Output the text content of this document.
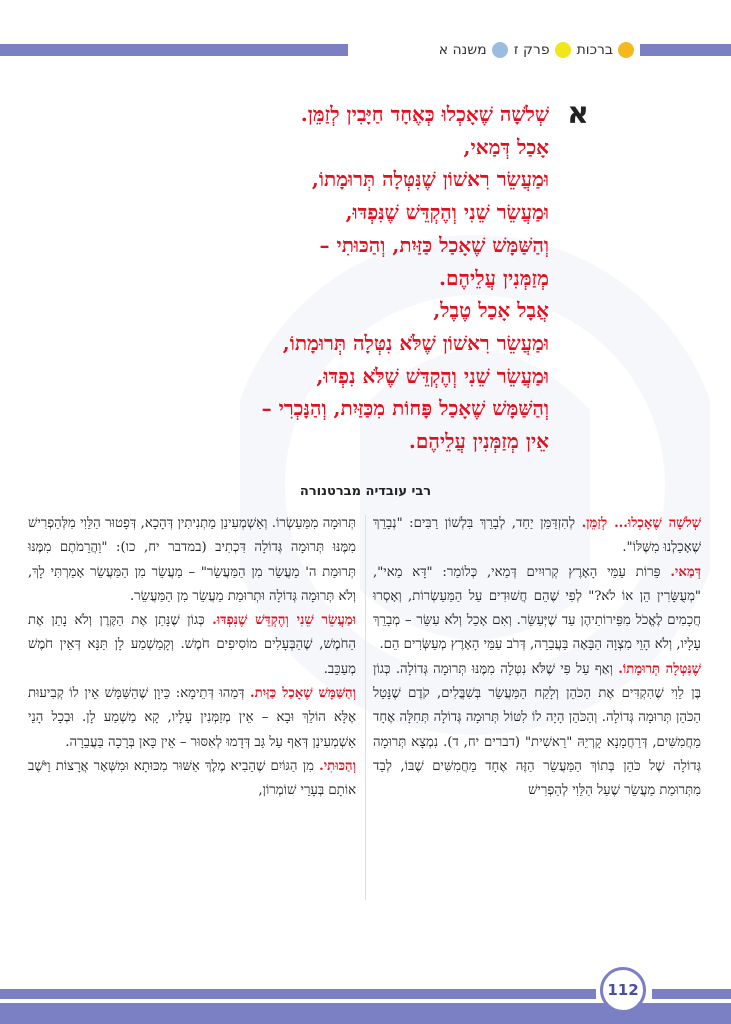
ברכות
פרק ז
משנה א
א
שְׁלֹשָׁה שֶׁאָכְלוּ כְּאֶחָד חַיָּבִין לְזַמֵּן.
אָכַל דְּמַאי,
וּמַעֲשֵׂר רִאשׁוֹן שֶׁנִּטְּלָה תְּרוּמָתוֹ,
וּמַעֲשֵׂר שֵׁנִי וְהֶקְדֵּשׁ שֶׁנִּפְדּוּ,
וְהַשַּׁמָּשׁ שֶׁאָכַל כַּזַּיִת, וְהַכּוּתִי –
מְזַמְּנִין עֲלֵיהֶם.
אֲבָל אָכַל טֶבֶל,
וּמַעֲשֵׂר רִאשׁוֹן שֶׁלֹּא נִטְּלָה תְּרוּמָתוֹ,
וּמַעֲשֵׂר שֵׁנִי וְהֶקְדֵּשׁ שֶׁלֹּא נִפְדּוּ,
וְהַשַּׁמָּשׁ שֶׁאָכַל פָּחוֹת מִכַּזַּיִת, וְהַנָּכְרִי –
אֵין מְזַמְּנִין עֲלֵיהֶם.
רבי עובדיה מברטנורה
שְׁלֹשָׁה שֶׁאָכְלוּ... לְזַמֵּן. לְהִזְדַּמֵּן יַחַד, לְבָרֵךְ בִּלְשׁוֹן רַבִּים: "נְבָרֵךְ שֶׁאָכַלְנוּ מִשֶּׁלּוֹ".
דְּמַאי. פֵּרוֹת עַמֵּי הָאָרֶץ קְרוּיִים דְּמַאי, כְּלוֹמַר: "דָּא מַאי", "מְעֻשָּׂרִין הֵן אוֹ לֹא?" לְפִי שֶׁהֵם חֲשׁוּדִים עַל הַמַּעַשְׂרוֹת, וְאָסְרוּ חֲכָמִים לֶאֱכֹל מִפֵּירוֹתֵיהֶן עַד שֶׁיְּעַשֵּׂר. וְאִם אָכַל וְלֹא עִשֵּׂר – מְבָרֵךְ עָלָיו, וְלֹא הָוֵי מִצְוָה הַבָּאָה בַּעֲבֵרָה, דְּרֹב עַמֵּי הָאָרֶץ מְעַשְּׂרִים הֵם.
שֶׁנִּטְּלָה תְּרוּמָתוֹ. וְאַף עַל פִּי שֶׁלֹּא נִטְּלָה מִמֶּנּוּ תְּרוּמָה גְּדוֹלָה. כְּגוֹן בֶּן לֵוִי שֶׁהִקְדִּים אֶת הַכֹּהֵן וְלָקַח הַמַּעֲשֵׂר בְּשִׁבֳּלִים, קֹדֶם שֶׁנָּטַל הַכֹּהֵן תְּרוּמָה גְּדוֹלָה. וְהַכֹּהֵן הָיָה לוֹ לִטּוֹל תְּרוּמָה גְּדוֹלָה תְּחִלָּה אֶחָד מֵחֲמִשִּׁים, דְּרַחֲמָנָא קָרְיֵהּ "רֵאשִׁית" (דברים יח, ד). נִמְצָא תְּרוּמָה גְּדוֹלָה שֶׁל כֹּהֵן בְּתוֹךְ הַמַּעֲשֵׂר הַזֶּה אֶחָד מֵחֲמִשִּׁים שֶׁבּוֹ, לְבַד מִתְּרוּמַת מַעֲשֵׂר שֶׁעַל הַלֵּוִי לְהַפְרִישׁ
תְּרוּמָה מִמַּעַשְׂרוֹ. וְאַשְׁמְעִינַן מַתְנִיתִין דְּהָכָא, דְּפָטוּר הַלֵּוִי מִלְּהַפְרִישׁ מִמֶּנּוּ תְּרוּמָה גְּדוֹלָה דִּכְתִיב (במדבר יח, כו): "וַהֲרֵמֹתֶם מִמֶּנּוּ תְּרוּמַת ה' מַעֲשֵׂר מִן הַמַּעֲשֵׂר" – מַעֲשֵׂר מִן הַמַּעֲשֵׂר אָמַרְתִּי לָךְ, וְלֹא תְּרוּמָה גְּדוֹלָה וּתְרוּמַת מַעֲשֵׂר מִן הַמַּעֲשֵׂר.
וּמַעֲשֵׂר שֵׁנִי וְהֶקְדֵּשׁ שֶׁנִּפְדּוּ. כְּגוֹן שֶׁנָּתַן אֶת הַקֶּרֶן וְלֹא נָתַן אֶת הַחֹמֶשׁ, שֶׁהַבְּעָלִים מוֹסִיפִים חֹמֶשׁ. וְקָמַשְׁמַע לָן תַּנָּא דְּאֵין חֹמֶשׁ מְעַכֵּב.
וְהַשַּׁמָּשׁ שֶׁאָכַל כַּזַּיִת. דְּמַהוּ דְּתֵימָא: כֵּיוָן שֶׁהַשַּׁמָּשׁ אֵין לוֹ קְבִיעוּת אֶלָּא הוֹלֵךְ וּבָא – אֵין מְזַמְּנִין עָלָיו, קָא מַשְׁמַע לָן. וּבְכָל הָנֵי אַשְׁמְעִינַן דְּאַף עַל גַּב דְּדָמוּ לְאִסּוּר – אֵין כָּאן בְּרָכָה בַּעֲבֵרָה.
וְהַכּוּתִי. מִן הַגּוֹיִם שֶׁהֵבִיא מֶלֶךְ אַשּׁוּר מִכּוּתָא וּמִשְּׁאָר אֲרָצוֹת וַיֹּשֶׁב אוֹתָם בְּעָרֵי שׁוֹמְרוֹן,
112
